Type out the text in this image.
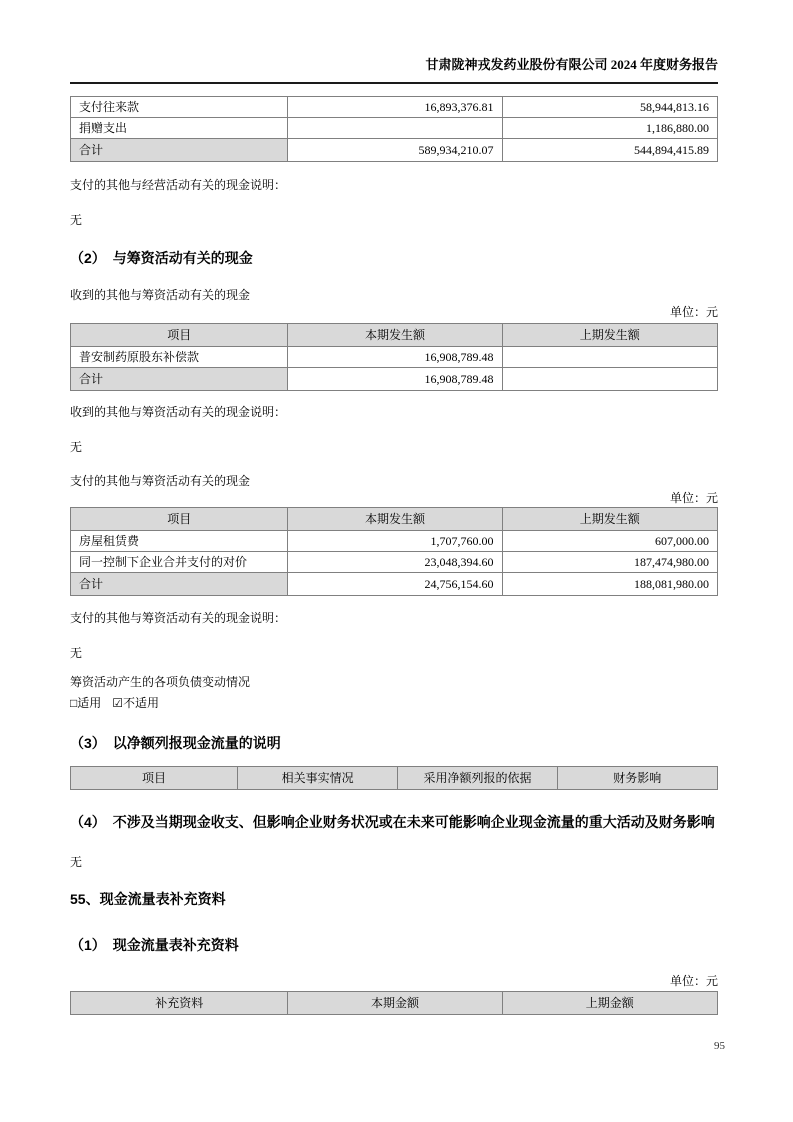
甘肃陇神戎发药业股份有限公司 2024 年度财务报告
支付往来款	16,893,376.81	58,944,813.16
捐赠支出		1,186,880.00
合计	589,934,210.07	544,894,415.89

支付的其他与经营活动有关的现金说明：

无

（2）　与筹资活动有关的现金

收到的其他与筹资活动有关的现金

单位：元

项目	本期发生额	上期发生额
普安制药原股东补偿款	16,908,789.48	
合计	16,908,789.48	

收到的其他与筹资活动有关的现金说明：

无

支付的其他与筹资活动有关的现金

单位：元

项目	本期发生额	上期发生额
房屋租赁费	1,707,760.00	607,000.00
同一控制下企业合并支付的对价	23,048,394.60	187,474,980.00
合计	24,756,154.60	188,081,980.00

支付的其他与筹资活动有关的现金说明：

无

筹资活动产生的各项负债变动情况

□适用 ☑不适用

（3）　以净额列报现金流量的说明
项目	相关事实情况	采用净额列报的依据	财务影响
（4）　不涉及当期现金收支、但影响企业财务状况或在未来可能影响企业现金流量的重大活动及财务影响

无

55、现金流量表补充资料
（1）　现金流量表补充资料

单位：元

补充资料	本期金额	上期金额
95
